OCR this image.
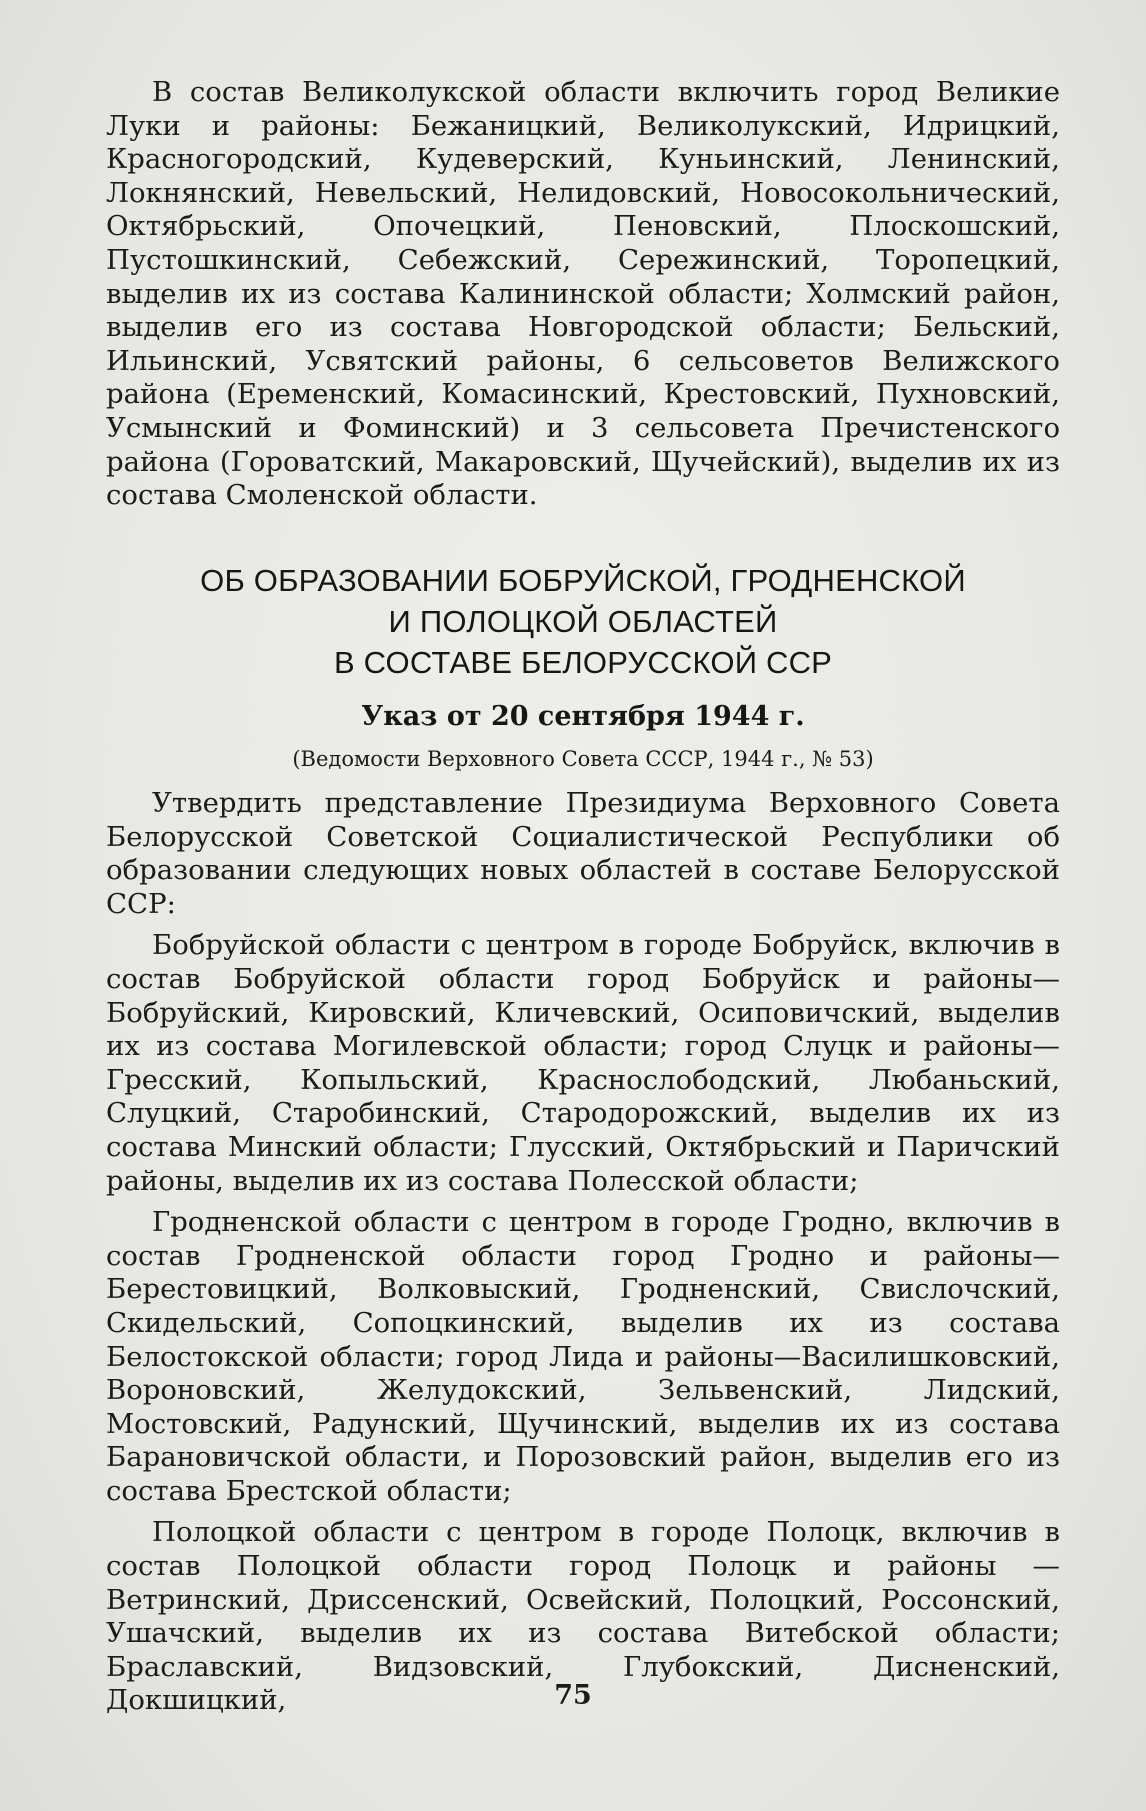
В состав Великолукской области включить город Великие Луки и районы: Бежаницкий, Великолукский, Идрицкий, Красногородский, Кудеверский, Куньинский, Ленинский, Локнянский, Невельский, Нелидовский, Новосокольнический, Октябрьский, Опочецкий, Пеновский, Плоскошский, Пустошкинский, Себежский, Сережинский, Торопецкий, выделив их из состава Калининской области; Холмский район, выделив его из состава Новгородской области; Бельский, Ильинский, Усвятский районы, 6 сельсоветов Велижского района (Еременский, Комасинский, Крестовский, Пухновский, Усмынский и Фоминский) и 3 сельсовета Пречистенского района (Горoватский, Макаровский, Щучейский), выделив их из состава Смоленской области.

ОБ ОБРАЗОВАНИИ БОБРУЙСКОЙ, ГРОДНЕНСКОЙ
И ПОЛОЦКОЙ ОБЛАСТЕЙ
В СОСТАВЕ БЕЛОРУССКОЙ ССР
Указ от 20 сентября 1944 г.
(Ведомости Верховного Совета СССР, 1944 г., № 53)

Утвердить представление Президиума Верховного Совета Белорусской Советской Социалистической Республики об образовании следующих новых областей в составе Белорусской ССР:

Бобруйской области с центром в городе Бобруйск, включив в состав Бобруйской области город Бобруйск и районы—Бобруйский, Кировский, Кличевский, Осиповичский, выделив их из состава Могилевской области; город Слуцк и районы—Гресский, Копыльский, Краснослободский, Любаньский, Слуцкий, Старобинский, Стародорожский, выделив их из состава Минский области; Глусский, Октябрьский и Паричский районы, выделив их из состава Полесской области;

Гродненской области с центром в городе Гродно, включив в состав Гродненской области город Гродно и районы—Берестовицкий, Волковыский, Гродненский, Свислочский, Скидельский, Сопоцкинский, выделив их из состава Белостокской области; город Лида и районы—Василишковский, Вороновский, Желудокский, Зельвенский, Лидский, Мостовский, Радунский, Щучинский, выделив их из состава Барановичской области, и Порозовский район, выделив его из состава Брестской области;

Полоцкой области с центром в городе Полоцк, включив в состав Полоцкой области город Полоцк и районы — Ветринский, Дриссенский, Освейский, Полоцкий, Россонский, Ушачский, выделив их из состава Витебской области; Браславский, Видзовский, Глубокский, Дисненский, Докшицкий,	75
